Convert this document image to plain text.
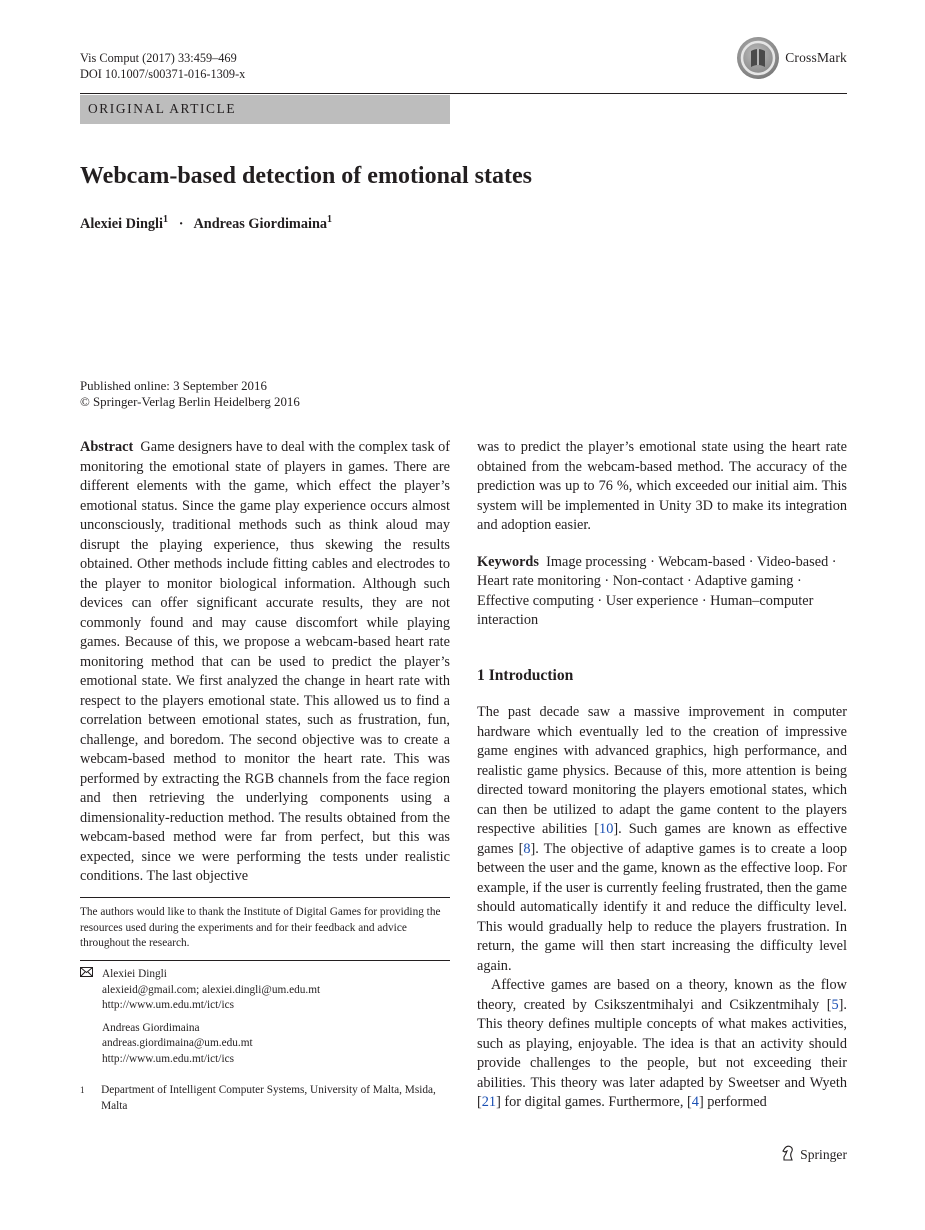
Vis Comput (2017) 33:459–469
DOI 10.1007/s00371-016-1309-x
CrossMark
ORIGINAL ARTICLE
Webcam-based detection of emotional states
Alexiei Dingli$^1$ · Andreas Giordimaina$^1$
Published online: 3 September 2016
© Springer-Verlag Berlin Heidelberg 2016

Abstract Game designers have to deal with the complex task of monitoring the emotional state of players in games. There are different elements with the game, which effect the player’s emotional status. Since the game play experience occurs almost unconsciously, traditional methods such as think aloud may disrupt the playing experience, thus skewing the results obtained. Other methods include fitting cables and electrodes to the player to monitor biological information. Although such devices can offer significant accurate results, they are not commonly found and may cause discomfort while playing games. Because of this, we propose a webcam-based heart rate monitoring method that can be used to predict the player’s emotional state. We first analyzed the change in heart rate with respect to the players emotional state. This allowed us to find a correlation between emotional states, such as frustration, fun, challenge, and boredom. The second objective was to create a webcam-based method to monitor the heart rate. This was performed by extracting the RGB channels from the face region and then retrieving the underlying components using a dimensionality-reduction method. The results obtained from the webcam-based method were far from perfect, but this was expected, since we were performing the tests under realistic conditions. The last objective

The authors would like to thank the Institute of Digital Games for providing the resources used during the experiments and for their feedback and advice throughout the research.
Alexiei Dingli
alexieid@gmail.com; alexiei.dingli@um.edu.mt
http://www.um.edu.mt/ict/ics
Andreas Giordimaina
andreas.giordimaina@um.edu.mt
http://www.um.edu.mt/ict/ics
1	Department of Intelligent Computer Systems, University of Malta, Msida, Malta

was to predict the player’s emotional state using the heart rate obtained from the webcam-based method. The accuracy of the prediction was up to 76 %, which exceeded our initial aim. This system will be implemented in Unity 3D to make its integration and adoption easier.

Keywords Image processing · Webcam-based · Video-based · Heart rate monitoring · Non-contact · Adaptive gaming · Effective computing · User experience · Human–computer interaction

1 Introduction

The past decade saw a massive improvement in computer hardware which eventually led to the creation of impressive game engines with advanced graphics, high performance, and realistic game physics. Because of this, more attention is being directed toward monitoring the players emotional states, which can then be utilized to adapt the game content to the players respective abilities [10]. Such games are known as effective games [8]. The objective of adaptive games is to create a loop between the user and the game, known as the effective loop. For example, if the user is currently feeling frustrated, then the game should automatically identify it and reduce the difficulty level. This would gradually help to reduce the players frustration. In return, the game will then start increasing the difficulty level again.

Affective games are based on a theory, known as the flow theory, created by Csikszentmihalyi and Csikzentmihaly [5]. This theory defines multiple concepts of what makes activities, such as playing, enjoyable. The idea is that an activity should provide challenges to the people, but not exceeding their abilities. This theory was later adapted by Sweetser and Wyeth [21] for digital games. Furthermore, [4] performed

Springer
